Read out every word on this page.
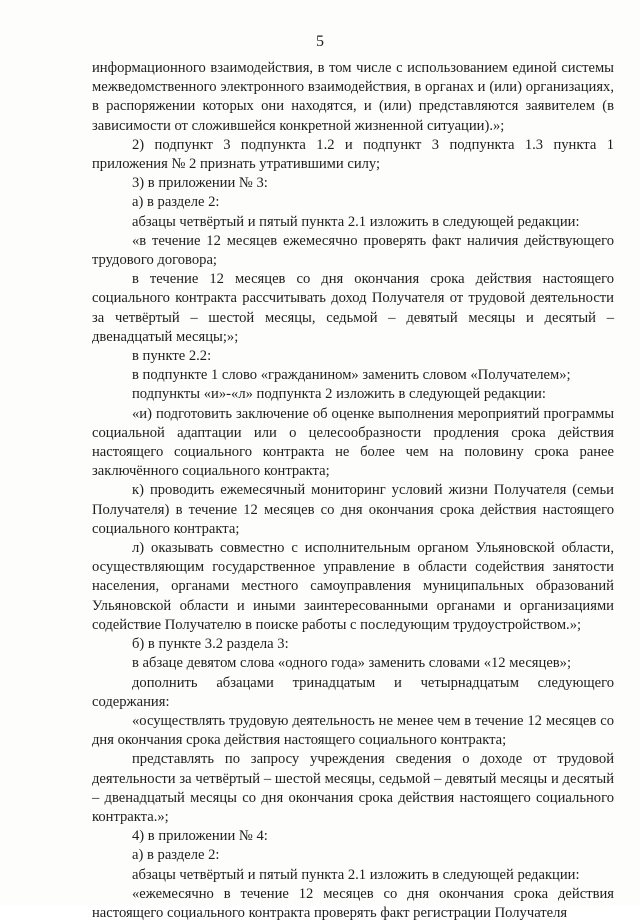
5

информационного взаимодействия, в том числе с использованием единой системы межведомственного электронного взаимодействия, в органах и (или) организациях, в распоряжении которых они находятся, и (или) представляются заявителем (в зависимости от сложившейся конкретной жизненной ситуации).»;

2) подпункт 3 подпункта 1.2 и подпункт 3 подпункта 1.3 пункта 1 приложения № 2 признать утратившими силу;

3) в приложении № 3:

а) в разделе 2:

абзацы четвёртый и пятый пункта 2.1 изложить в следующей редакции:

«в течение 12 месяцев ежемесячно проверять факт наличия действующего трудового договора;

в течение 12 месяцев со дня окончания срока действия настоящего социального контракта рассчитывать доход Получателя от трудовой деятельности за четвёртый – шестой месяцы, седьмой – девятый месяцы и десятый – двенадцатый месяцы;»;

в пункте 2.2:

в подпункте 1 слово «гражданином» заменить словом «Получателем»;

подпункты «и»-«л» подпункта 2 изложить в следующей редакции:

«и) подготовить заключение об оценке выполнения мероприятий программы социальной адаптации или о целесообразности продления срока действия настоящего социального контракта не более чем на половину срока ранее заключённого социального контракта;

к) проводить ежемесячный мониторинг условий жизни Получателя (семьи Получателя) в течение 12 месяцев со дня окончания срока действия настоящего социального контракта;

л) оказывать совместно с исполнительным органом Ульяновской области, осуществляющим государственное управление в области содействия занятости населения, органами местного самоуправления муниципальных образований Ульяновской области и иными заинтересованными органами и организациями содействие Получателю в поиске работы с последующим трудоустройством.»;

б) в пункте 3.2 раздела 3:

в абзаце девятом слова «одного года» заменить словами «12 месяцев»;

дополнить абзацами тринадцатым и четырнадцатым следующего содержания:

«осуществлять трудовую деятельность не менее чем в течение 12 месяцев со дня окончания срока действия настоящего социального контракта;

представлять по запросу учреждения сведения о доходе от трудовой деятельности за четвёртый – шестой месяцы, седьмой – девятый месяцы и десятый – двенадцатый месяцы со дня окончания срока действия настоящего социального контракта.»;

4) в приложении № 4:

а) в разделе 2:

абзацы четвёртый и пятый пункта 2.1 изложить в следующей редакции:

«ежемесячно в течение 12 месяцев со дня окончания срока действия настоящего социального контракта проверять факт регистрации Получателя
